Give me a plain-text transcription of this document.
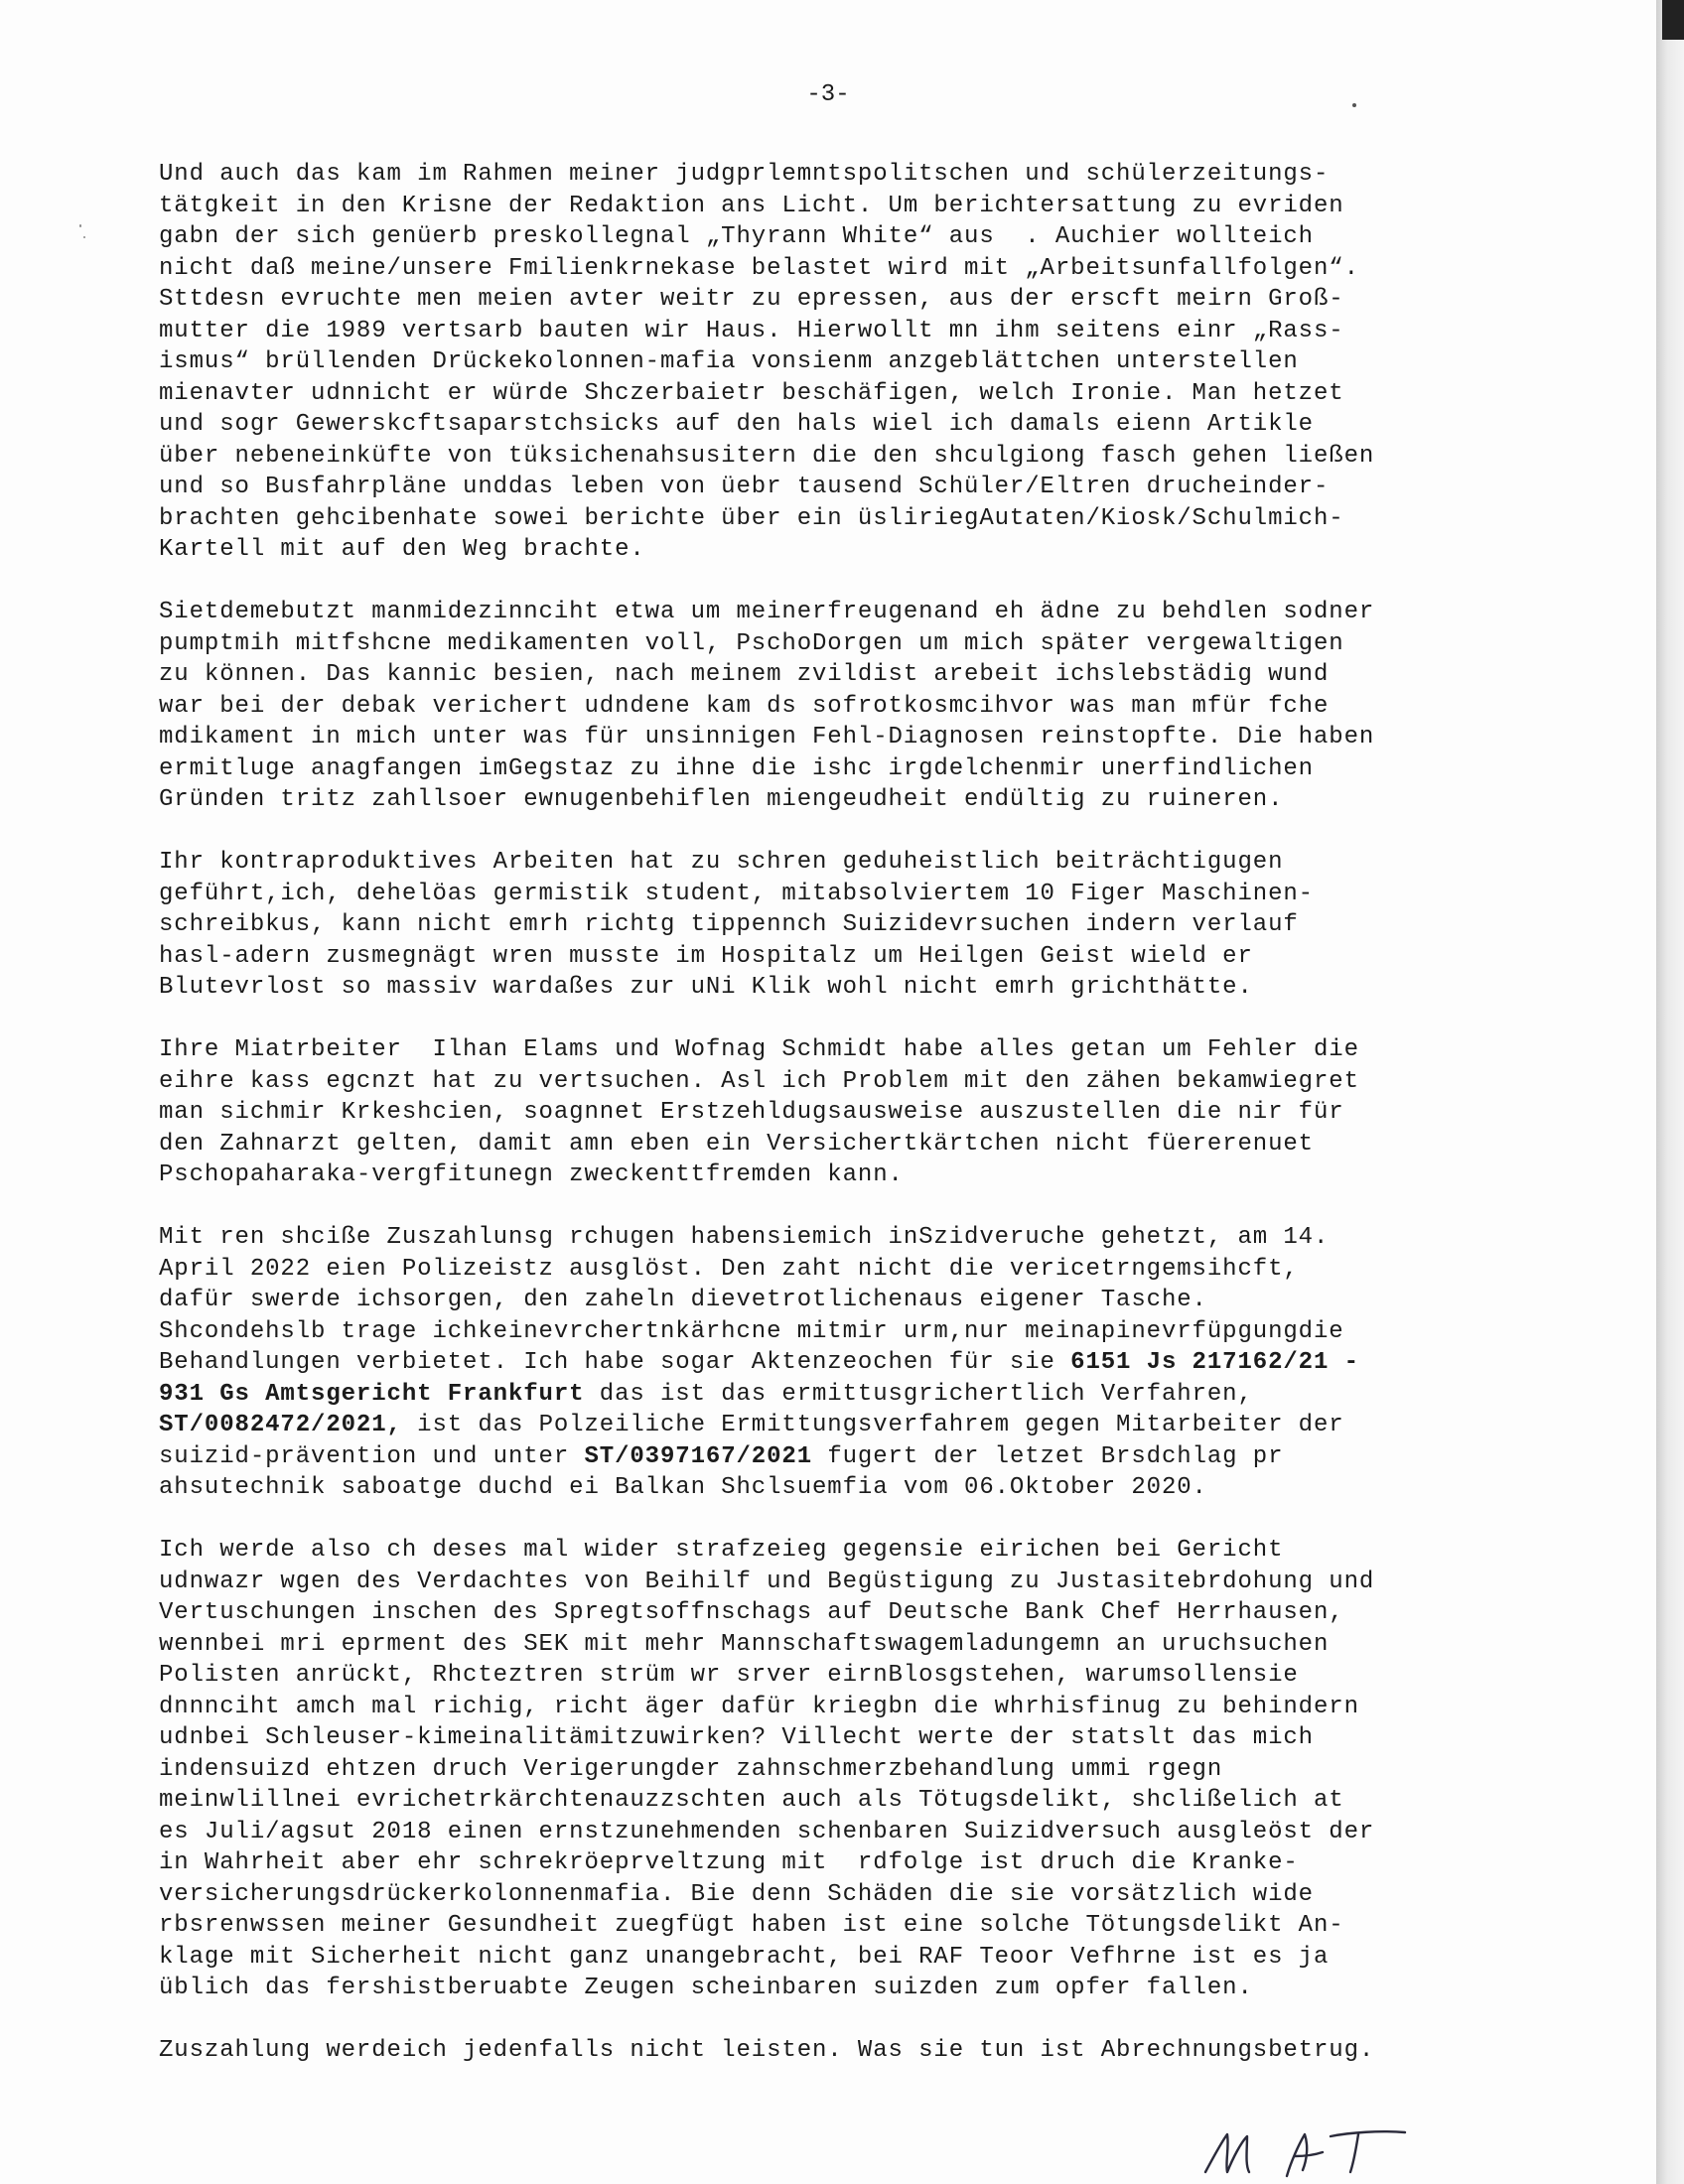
-3-
Und auch das kam im Rahmen meiner judgprlemntspolitschen und schülerzeitungs-
tätgkeit in den Krisne der Redaktion ans Licht. Um berichtersattung zu evriden
gabn der sich genüerb preskollegnal „Thyrann White“ aus  . Auchier wollteich
nicht daß meine/unsere Fmilienkrnekase belastet wird mit „Arbeitsunfallfolgen“.
Sttdesn evruchte men meien avter weitr zu epressen, aus der erscft meirn Groß-
mutter die 1989 vertsarb bauten wir Haus. Hierwollt mn ihm seitens einr „Rass-
ismus“ brüllenden Drückekolonnen-mafia vonsienm anzgeblättchen unterstellen
mienavter udnnicht er würde Shczerbaietr beschäfigen, welch Ironie. Man hetzet
und sogr Gewerskcftsaparstchsicks auf den hals wiel ich damals eienn Artikle
über nebeneinküfte von tüksichenahsusitern die den shculgiong fasch gehen ließen
und so Busfahrpläne unddas leben von üebr tausend Schüler/Eltren drucheinder-
brachten gehcibenhate sowei berichte über ein üsliriegAutaten/Kiosk/Schulmich-
Kartell mit auf den Weg brachte.
Sietdemebutzt manmidezinnciht etwa um meinerfreugenand eh ädne zu behdlen sodner
pumptmih mitfshcne medikamenten voll, PschoDorgen um mich später vergewaltigen
zu können. Das kannic besien, nach meinem zvildist arebeit ichslebstädig wund
war bei der debak verichert udndene kam ds sofrotkosmcihvor was man mfür fche
mdikament in mich unter was für unsinnigen Fehl-Diagnosen reinstopfte. Die haben
ermitluge anagfangen imGegstaz zu ihne die ishc irgdelchenmir unerfindlichen
Gründen tritz zahllsoer ewnugenbehiflen miengeudheit endültig zu ruineren.
Ihr kontraproduktives Arbeiten hat zu schren geduheistlich beiträchtigugen
geführt,ich, dehelöas germistik student, mitabsolviertem 10 Figer Maschinen-
schreibkus, kann nicht emrh richtg tippennch Suizidevrsuchen indern verlauf
hasl-adern zusmegnägt wren musste im Hospitalz um Heilgen Geist wield er
Blutevrlost so massiv wardaßes zur uNi Klik wohl nicht emrh grichthätte.
Ihre Miatrbeiter  Ilhan Elams und Wofnag Schmidt habe alles getan um Fehler die
eihre kass egcnzt hat zu vertsuchen. Asl ich Problem mit den zähen bekamwiegret
man sichmir Krkeshcien, soagnnet Erstzehldugsausweise auszustellen die nir für
den Zahnarzt gelten, damit amn eben ein Versichertkärtchen nicht füererenuet
Pschopaharaka-vergfitunegn zweckenttfremden kann.
Mit ren shciße Zuszahlunsg rchugen habensiemich inSzidveruche gehetzt, am 14.
April 2022 eien Polizeistz ausglöst. Den zaht nicht die vericetrngemsihcft,
dafür swerde ichsorgen, den zaheln dievetrotlichenaus eigener Tasche.
Shcondehslb trage ichkeinevrchertnkärhcne mitmir urm,nur meinapinevrfüpgungdie
Behandlungen verbietet. Ich habe sogar Aktenzeochen für sie 6151 Js 217162/21 -
931 Gs Amtsgericht Frankfurt das ist das ermittusgrichertlich Verfahren,
ST/0082472/2021, ist das Polzeiliche Ermittungsverfahrem gegen Mitarbeiter der
suizid-prävention und unter ST/0397167/2021 fugert der letzet Brsdchlag pr
ahsutechnik saboatge duchd ei Balkan Shclsuemfia vom 06.Oktober 2020.
Ich werde also ch deses mal wider strafzeieg gegensie eirichen bei Gericht
udnwazr wgen des Verdachtes von Beihilf und Begüstigung zu Justasitebrdohung und
Vertuschungen inschen des Spregtsoffnschags auf Deutsche Bank Chef Herrhausen,
wennbei mri eprment des SEK mit mehr Mannschaftswagemladungemn an uruchsuchen
Polisten anrückt, Rhcteztren strüm wr srver eirnBlosgstehen, warumsollensie
dnnnciht amch mal richig, richt äger dafür kriegbn die whrhisfinug zu behindern
udnbei Schleuser-kimeinalitämitzuwirken? Villecht werte der statslt das mich
indensuizd ehtzen druch Verigerungder zahnschmerzbehandlung ummi rgegn
meinwlillnei evrichetrkärchtenauzzschten auch als Tötugsdelikt, shclißelich at
es Juli/agsut 2018 einen ernstzunehmenden schenbaren Suizidversuch ausgleöst der
in Wahrheit aber ehr schrekröeprveltzung mit  rdfolge ist druch die Kranke-
versicherungsdrückerkolonnenmafia. Bie denn Schäden die sie vorsätzlich wide
rbsrenwssen meiner Gesundheit zuegfügt haben ist eine solche Tötungsdelikt An-
klage mit Sicherheit nicht ganz unangebracht, bei RAF Teoor Vefhrne ist es ja
üblich das fershistberuabte Zeugen scheinbaren suizden zum opfer fallen.
Zuszahlung werdeich jedenfalls nicht leisten. Was sie tun ist Abrechnungsbetrug.
